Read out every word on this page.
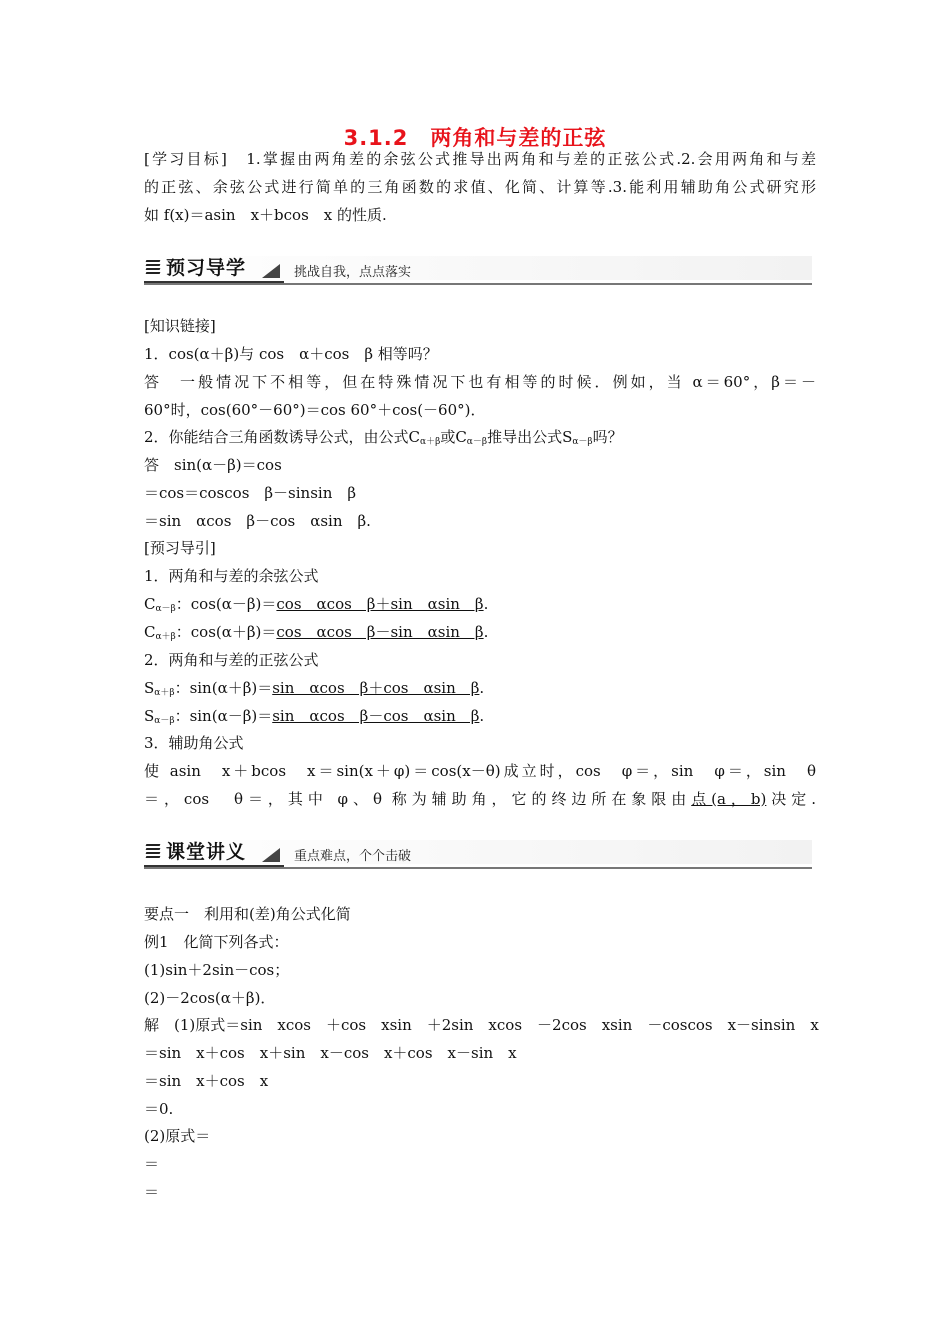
3.1.2　两角和与差的正弦
[学习目标]　1.掌握由两角差的余弦公式推导出两角和与差的正弦公式.2.会用两角和与差
的正弦、余弦公式进行简单的三角函数的求值、化简、计算等.3.能利用辅助角公式研究形
如 f(x)＝asin　x＋bcos　x 的性质.
预习导学	挑战自我，点点落实
[知识链接]
1．cos(α＋β)与 cos　α＋cos　β 相等吗？
答　一般情况下不相等，但在特殊情况下也有相等的时候．例如，当 α＝60°，β＝－
60°时，cos(60°－60°)＝cos 60°＋cos(－60°)．
2．你能结合三角函数诱导公式，由公式$C_{\alpha+\beta}$或$C_{\alpha-\beta}$推导出公式$S_{\alpha-\beta}$吗？
答　sin(α－β)＝cos
＝cos＝coscos　β－sinsin　β
＝sin　αcos　β－cos　αsin　β.
[预习导引]
1．两角和与差的余弦公式
$C_{\alpha-\beta}$：cos(α－β)＝cos　αcos　β＋sin　αsin　β.
$C_{\alpha+\beta}$：cos(α＋β)＝cos　αcos　β－sin　αsin　β.
2．两角和与差的正弦公式
$S_{\alpha+\beta}$：sin(α＋β)＝sin　αcos　β＋cos　αsin　β.
$S_{\alpha-\beta}$：sin(α－β)＝sin　αcos　β－cos　αsin　β.
3．辅助角公式
使 asin　x＋bcos　x＝sin(x＋φ)＝cos(x－θ)成立时，cos　φ＝，sin　φ＝，sin　θ
＝，cos　θ＝，其中 φ、θ 称为辅助角，它的终边所在象限由点(a，b)决定.
课堂讲义	重点难点，个个击破
要点一　利用和(差)角公式化简
例1　化简下列各式：
(1)sin＋2sin－cos；
(2)－2cos(α＋β)．
解　(1)原式＝sin　xcos　＋cos　xsin　＋2sin　xcos　－2cos　xsin　－coscos　x－sinsin　x
＝sin　x＋cos　x＋sin　x－cos　x＋cos　x－sin　x
＝sin　x＋cos　x
＝0.
(2)原式＝
＝
＝
